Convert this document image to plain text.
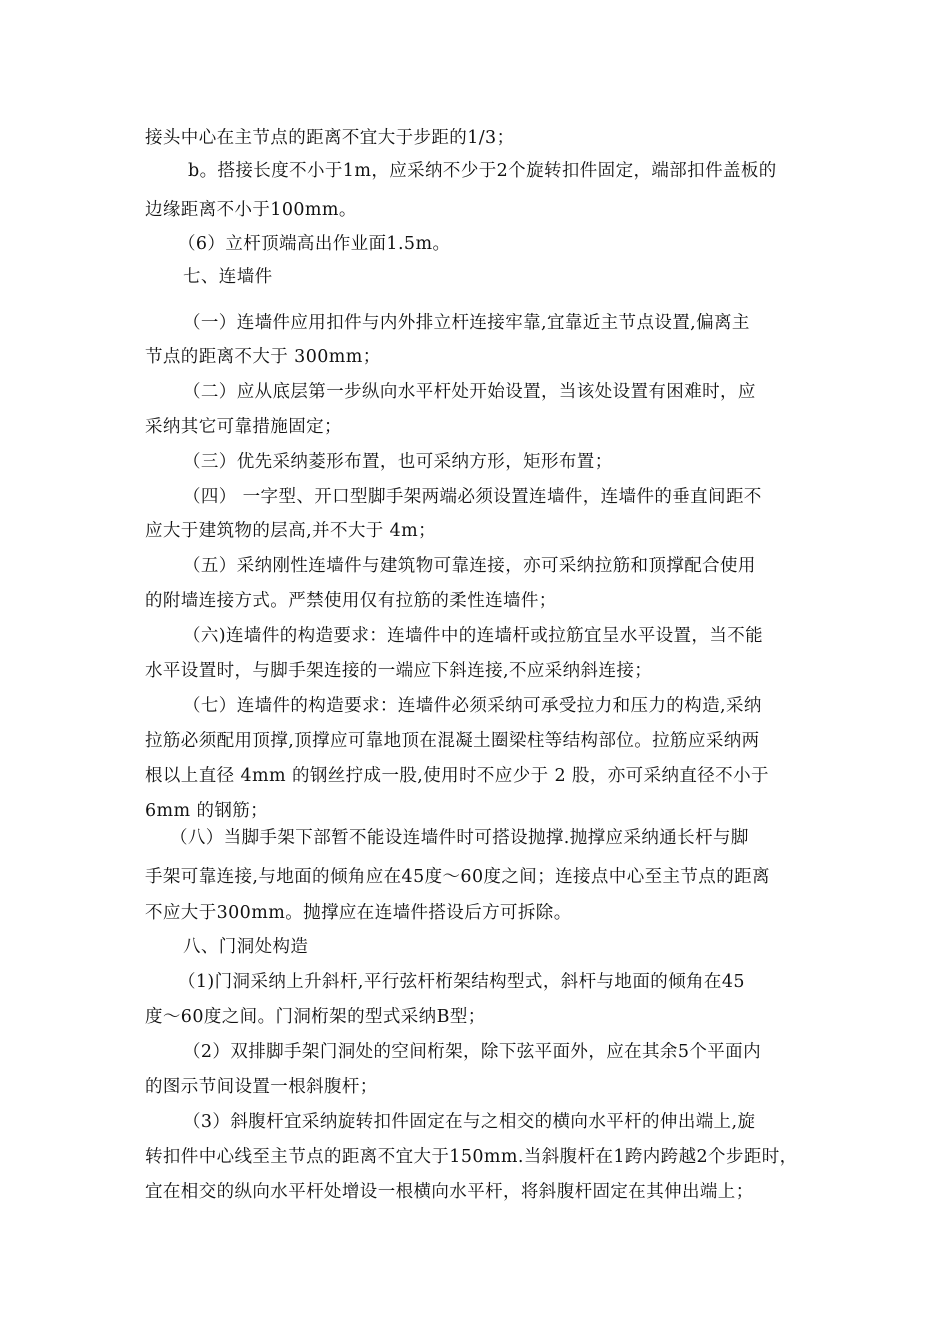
接头中心在主节点的距离不宜大于步距的1/3；
b。搭接长度不小于1m，应采纳不少于2个旋转扣件固定，端部扣件盖板的
边缘距离不小于100mm。
（6）立杆顶端高出作业面1.5m。
七、连墙件
（一）连墙件应用扣件与内外排立杆连接牢靠,宜靠近主节点设置,偏离主
节点的距离不大于 300mm；
（二）应从底层第一步纵向水平杆处开始设置，当该处设置有困难时，应
采纳其它可靠措施固定；
（三）优先采纳菱形布置，也可采纳方形，矩形布置；
（四） 一字型、开口型脚手架两端必须设置连墙件，连墙件的垂直间距不
应大于建筑物的层高,并不大于 4m；
（五）采纳刚性连墙件与建筑物可靠连接，亦可采纳拉筋和顶撑配合使用
的附墙连接方式。严禁使用仅有拉筋的柔性连墙件；
（六)连墙件的构造要求：连墙件中的连墙杆或拉筋宜呈水平设置，当不能
水平设置时，与脚手架连接的一端应下斜连接,不应采纳斜连接；
（七）连墙件的构造要求：连墙件必须采纳可承受拉力和压力的构造,采纳
拉筋必须配用顶撑,顶撑应可靠地顶在混凝土圈梁柱等结构部位。拉筋应采纳两
根以上直径 4mm 的钢丝拧成一股,使用时不应少于 2 股，亦可采纳直径不小于
6mm 的钢筋；
（八）当脚手架下部暂不能设连墙件时可搭设抛撑.抛撑应采纳通长杆与脚
手架可靠连接,与地面的倾角应在45度～60度之间；连接点中心至主节点的距离
不应大于300mm。抛撑应在连墙件搭设后方可拆除。
八、门洞处构造
（1)门洞采纳上升斜杆,平行弦杆桁架结构型式，斜杆与地面的倾角在45
度～60度之间。门洞桁架的型式采纳B型；
（2）双排脚手架门洞处的空间桁架，除下弦平面外，应在其余5个平面内
的图示节间设置一根斜腹杆；
（3）斜腹杆宜采纳旋转扣件固定在与之相交的横向水平杆的伸出端上,旋
转扣件中心线至主节点的距离不宜大于150mm.当斜腹杆在1跨内跨越2个步距时，
宜在相交的纵向水平杆处增设一根横向水平杆，将斜腹杆固定在其伸出端上；
